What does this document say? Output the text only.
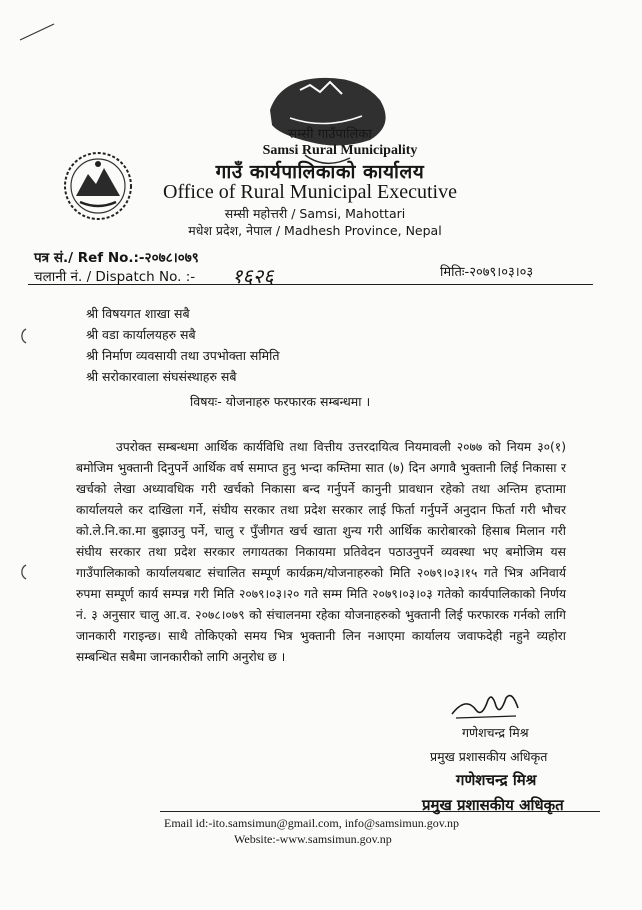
सम्सी गाउँपालिका
Samsi Rural Municipality
गाउँ कार्यपालिकाको कार्यालय
Office of Rural Municipal Executive
सम्सी महोत्तरी / Samsi, Mahottari
मधेश प्रदेश, नेपाल / Madhesh Province, Nepal
पत्र सं./ Ref No.:-२०७८।०७९
चलानी नं. / Dispatch No. :- १६२६	मितिः-२०७९।०३।०३
श्री विषयगत शाखा सबै
श्री वडा कार्यालयहरु सबै
श्री निर्माण व्यवसायी तथा उपभोक्ता समिति
श्री सरोकारवाला संघसंस्थाहरु सबै
विषयः- योजनाहरु फरफारक सम्बन्धमा ।
उपरोक्त सम्बन्धमा आर्थिक कार्यविधि तथा वित्तीय उत्तरदायित्व नियमावली २०७७ को नियम ३०(१) बमोजिम भुक्तानी दिनुपर्ने आर्थिक वर्ष समाप्त हुनु भन्दा कम्तिमा सात (७) दिन अगावै भुक्तानी लिई निकासा र खर्चको लेखा अध्यावधिक गरी खर्चको निकासा बन्द गर्नुपर्ने कानुनी प्रावधान रहेको तथा अन्तिम हप्तामा कार्यालयले कर दाखिला गर्ने, संघीय सरकार तथा प्रदेश सरकार लाई फिर्ता गर्नुपर्ने अनुदान फिर्ता गरी भौचर को.ले.नि.का.मा बुझाउनु पर्ने, चालु र पुँजीगत खर्च खाता शुन्य गरी आर्थिक कारोबारको हिसाब मिलान गरी संघीय सरकार तथा प्रदेश सरकार लगायतका निकायमा प्रतिवेदन पठाउनुपर्ने व्यवस्था भए बमोजिम यस गाउँपालिकाको कार्यालयबाट संचालित सम्पूर्ण कार्यक्रम/योजनाहरुको मिति २०७९।०३।१५ गते भित्र अनिवार्य रुपमा सम्पूर्ण कार्य सम्पन्न गरी मिति २०७९।०३।२० गते सम्म मिति २०७९।०३।०३ गतेको कार्यपालिकाको निर्णय नं. ३ अनुसार चालु आ.व. २०७८।०७९ को संचालनमा रहेका योजनाहरुको भुक्तानी लिई फरफारक गर्नको लागि जानकारी गराइन्छ। साथै तोकिएको समय भित्र भुक्तानी लिन नआएमा कार्यालय जवाफदेही नहुने व्यहोरा सम्बन्धित सबैमा जानकारीको लागि अनुरोध छ ।
गणेशचन्द्र मिश्र
प्रमुख प्रशासकीय अधिकृत
गणेशचन्द्र मिश्र
प्रमुख प्रशासकीय अधिकृत
Email id:-ito.samsimun@gmail.com, info@samsimun.gov.np
Website:-www.samsimun.gov.np
